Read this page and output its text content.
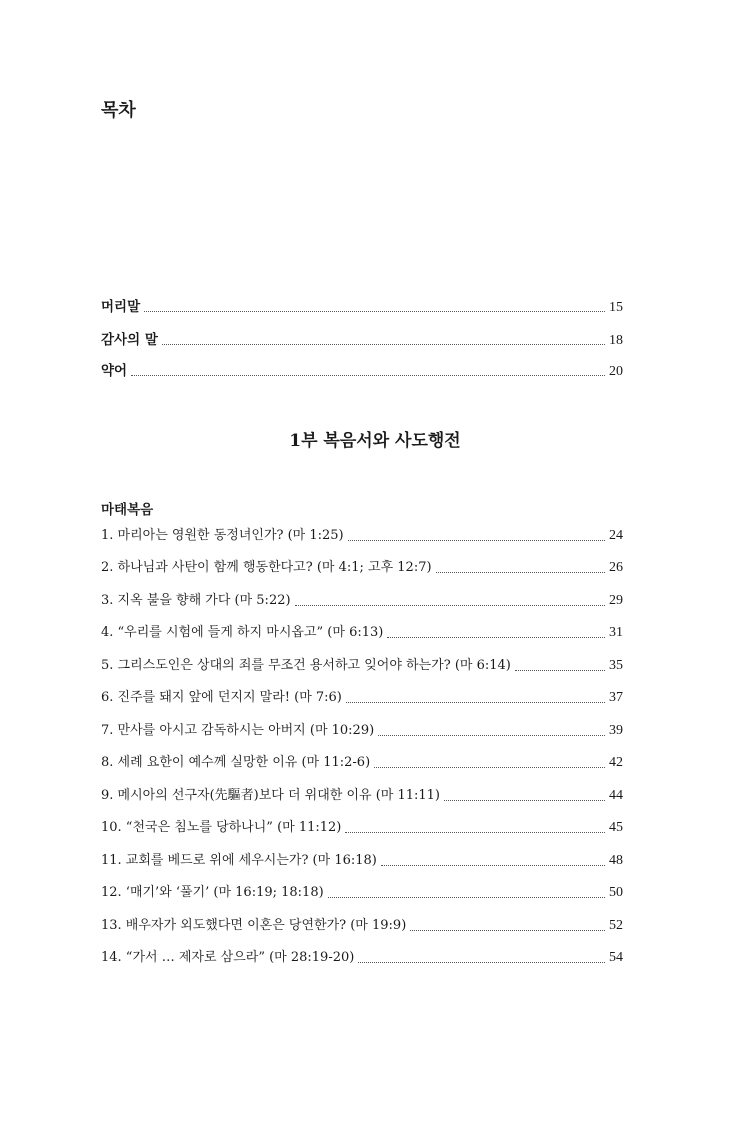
목차
머리말	15
감사의 말	18
약어	20
1부 복음서와 사도행전
마태복음
1. 마리아는 영원한 동정녀인가? (마 1:25)	24
2. 하나님과 사탄이 함께 행동한다고? (마 4:1; 고후 12:7)	26
3. 지옥 불을 향해 가다 (마 5:22)	29
4. “우리를 시험에 들게 하지 마시옵고” (마 6:13)	31
5. 그리스도인은 상대의 죄를 무조건 용서하고 잊어야 하는가? (마 6:14)	35
6. 진주를 돼지 앞에 던지지 말라! (마 7:6)	37
7. 만사를 아시고 감독하시는 아버지 (마 10:29)	39
8. 세례 요한이 예수께 실망한 이유 (마 11:2-6)	42
9. 메시아의 선구자(先驅者)보다 더 위대한 이유 (마 11:11)	44
10. “천국은 침노를 당하나니” (마 11:12)	45
11. 교회를 베드로 위에 세우시는가? (마 16:18)	48
12. ‘매기’와 ‘풀기’ (마 16:19; 18:18)	50
13. 배우자가 외도했다면 이혼은 당연한가? (마 19:9)	52
14. “가서 … 제자로 삼으라” (마 28:19-20)	54
